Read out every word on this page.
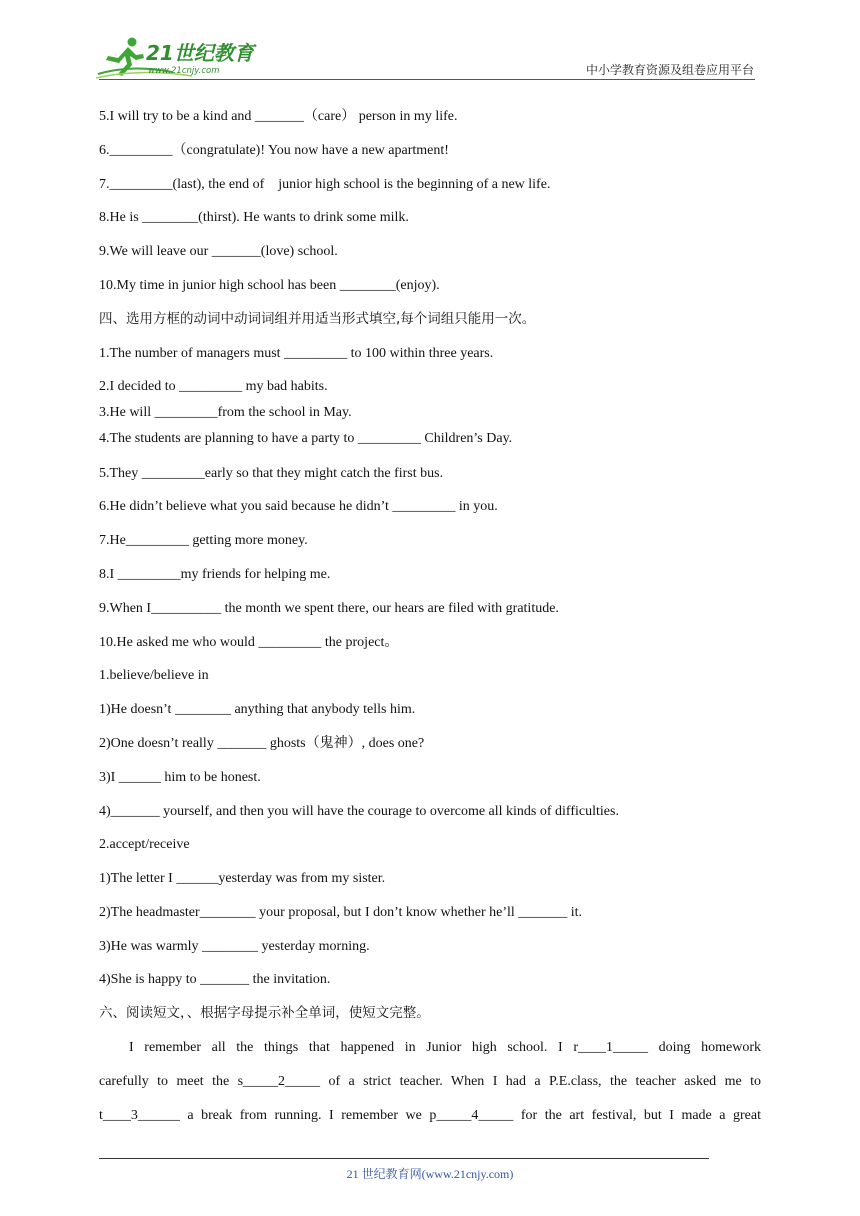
21世纪教育
www.21cnjy.com	中小学教育资源及组卷应用平台
5.I will try to be a kind and _______（care） person in my life.
6._________（congratulate)! You now have a new apartment!
7._________(last), the end of    junior high school is the beginning of a new life.
8.He is ________(thirst). He wants to drink some milk.
9.We will leave our _______(love) school.
10.My time in junior high school has been ________(enjoy).
四、选用方框的动词中动词词组并用适当形式填空,每个词组只能用一次。
1.The number of managers must _________ to 100 within three years.
2.I decided to _________ my bad habits.
3.He will _________from the school in May.
4.The students are planning to have a party to _________ Children’s Day.
5.They _________early so that they might catch the first bus.
6.He didn’t believe what you said because he didn’t _________ in you.
7.He_________ getting more money.
8.I _________my friends for helping me.
9.When I__________ the month we spent there, our hears are filed with gratitude.
10.He asked me who would _________ the project。
1.believe/believe in
1)He doesn’t ________ anything that anybody tells him.
2)One doesn’t really _______ ghosts（鬼神）, does one?
3)I ______ him to be honest.
4)_______ yourself, and then you will have the courage to overcome all kinds of difficulties.
2.accept/receive
1)The letter I ______yesterday was from my sister.
2)The headmaster________ your proposal, but I don’t know whether he’ll _______ it.
3)He was warmly ________ yesterday morning.
4)She is happy to _______ the invitation.
六、阅读短文，、根据字母提示补全单词，使短文完整。
I remember all the things that happened in Junior high school. I r____1_____ doing homework
carefully to meet the s_____2_____ of a strict teacher. When I had a P.E.class, the teacher asked me to
t____3______ a break from running. I remember we p_____4_____ for the art festival, but I made a great
21 世纪教育网(www.21cnjy.com)
